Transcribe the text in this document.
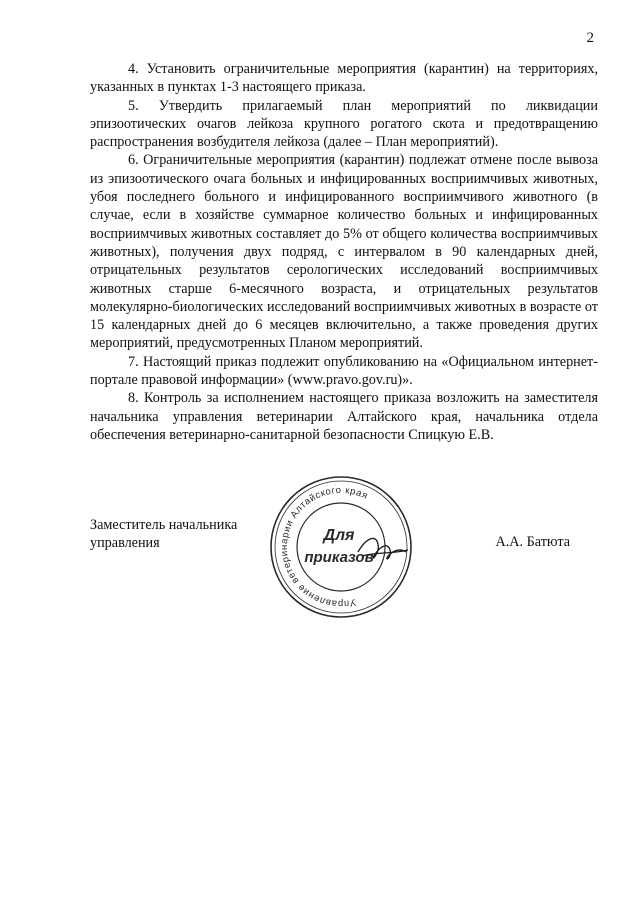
2

4. Установить ограничительные мероприятия (карантин) на территориях, указанных в пунктах 1-3 настоящего приказа.

5. Утвердить прилагаемый план мероприятий по ликвидации эпизоотических очагов лейкоза крупного рогатого скота и предотвращению распространения возбудителя лейкоза (далее – План мероприятий).

6. Ограничительные мероприятия (карантин) подлежат отмене после вывоза из эпизоотического очага больных и инфицированных восприимчивых животных, убоя последнего больного и инфицированного восприимчивого животного (в случае, если в хозяйстве суммарное количество больных и инфицированных восприимчивых животных составляет до 5% от общего количества восприимчивых животных), получения двух подряд, с интервалом в 90 календарных дней, отрицательных результатов серологических исследований восприимчивых животных старше 6-месячного возраста, и отрицательных результатов молекулярно-биологических исследований восприимчивых животных в возрасте от 15 календарных дней до 6 месяцев включительно, а также проведения других мероприятий, предусмотренных Планом мероприятий.

7. Настоящий приказ подлежит опубликованию на «Официальном интернет-портале правовой информации» (www.pravo.gov.ru)».

8. Контроль за исполнением настоящего приказа возложить на заместителя начальника управления ветеринарии Алтайского края, начальника отдела обеспечения ветеринарно-санитарной безопасности Спицкую Е.В.

Заместитель начальника
управления
Управление ветеринарии Алтайского края
Для
приказов
А.А. Батюта
